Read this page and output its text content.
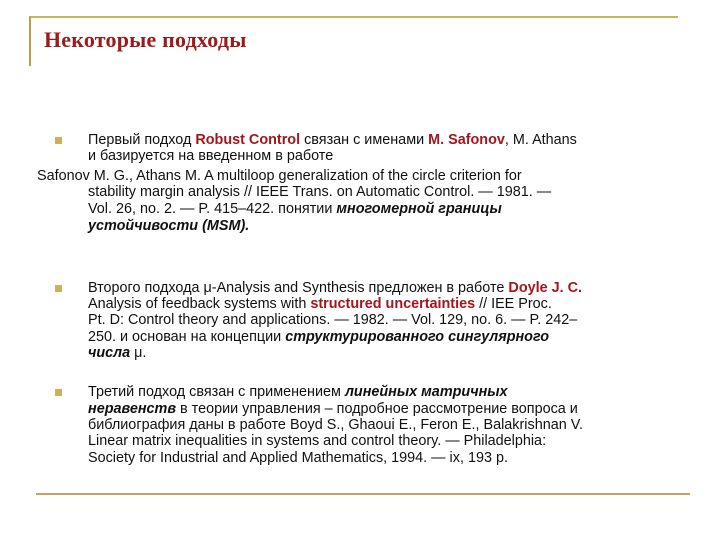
Некоторые подходы
Первый подход Robust Control связан с именами M. Safonov, M. Athans
и базируется на введенном в работе
Safonov M. G., Athans M. A multiloop generalization of the circle criterion for
stability margin analysis // IEEE Trans. on Automatic Control. — 1981. —
Vol. 26, no. 2. — P. 415–422. понятии многомерной границы
устойчивости (MSM).
Второго подхода μ-Analysis and Synthesis предложен в работе Doyle J. C.
Analysis of feedback systems with structured uncertainties // IEE Proc.
Pt. D: Control theory and applications. — 1982. — Vol. 129, no. 6. — P. 242–
250. и основан на концепции структурированного сингулярного
числа μ.
Третий подход связан с применением линейных матричных
неравенств в теории управления – подробное рассмотрение вопроса и
библиография даны в работе Boyd S., Ghaoui E., Feron E., Balakrishnan V.
Linear matrix inequalities in systems and control theory. — Philadelphia:
Society for Industrial and Applied Mathematics, 1994. — ix, 193 p.
